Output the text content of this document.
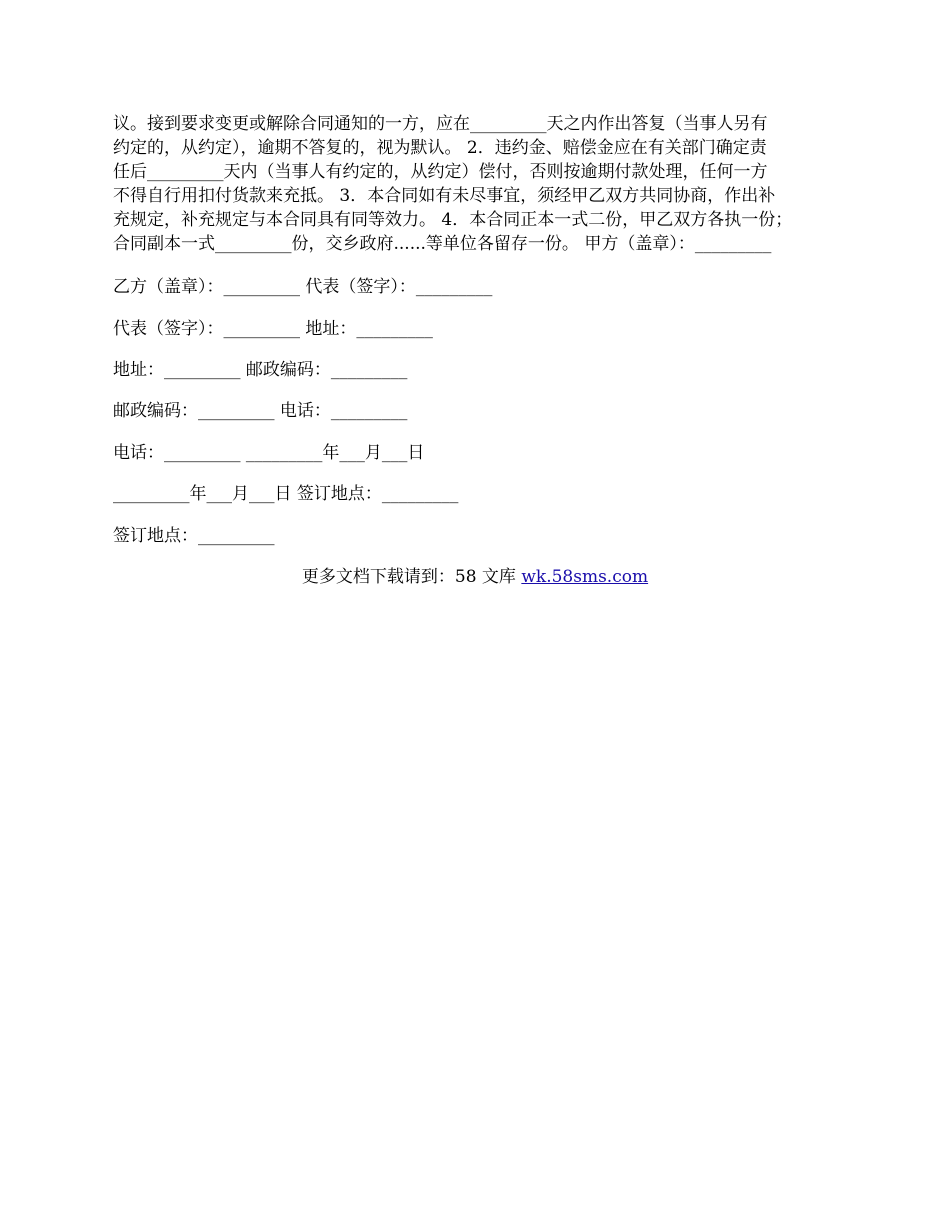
议。接到要求变更或解除合同通知的一方，应在_________天之内作出答复（当事人另有
约定的，从约定），逾期不答复的，视为默认。 2．违约金、赔偿金应在有关部门确定责
任后_________天内（当事人有约定的，从约定）偿付，否则按逾期付款处理，任何一方
不得自行用扣付货款来充抵。 3．本合同如有未尽事宜，须经甲乙双方共同协商，作出补
充规定，补充规定与本合同具有同等效力。 4．本合同正本一式二份，甲乙双方各执一份；
合同副本一式_________份，交乡政府......等单位各留存一份。 甲方（盖章）：_________
乙方（盖章）：_________ 代表（签字）：_________
代表（签字）：_________ 地址：_________
地址：_________ 邮政编码：_________
邮政编码：_________ 电话：_________
电话：_________ _________年___月___日
_________年___月___日 签订地点：_________
签订地点：_________
更多文档下载请到：58 文库 wk.58sms.com
